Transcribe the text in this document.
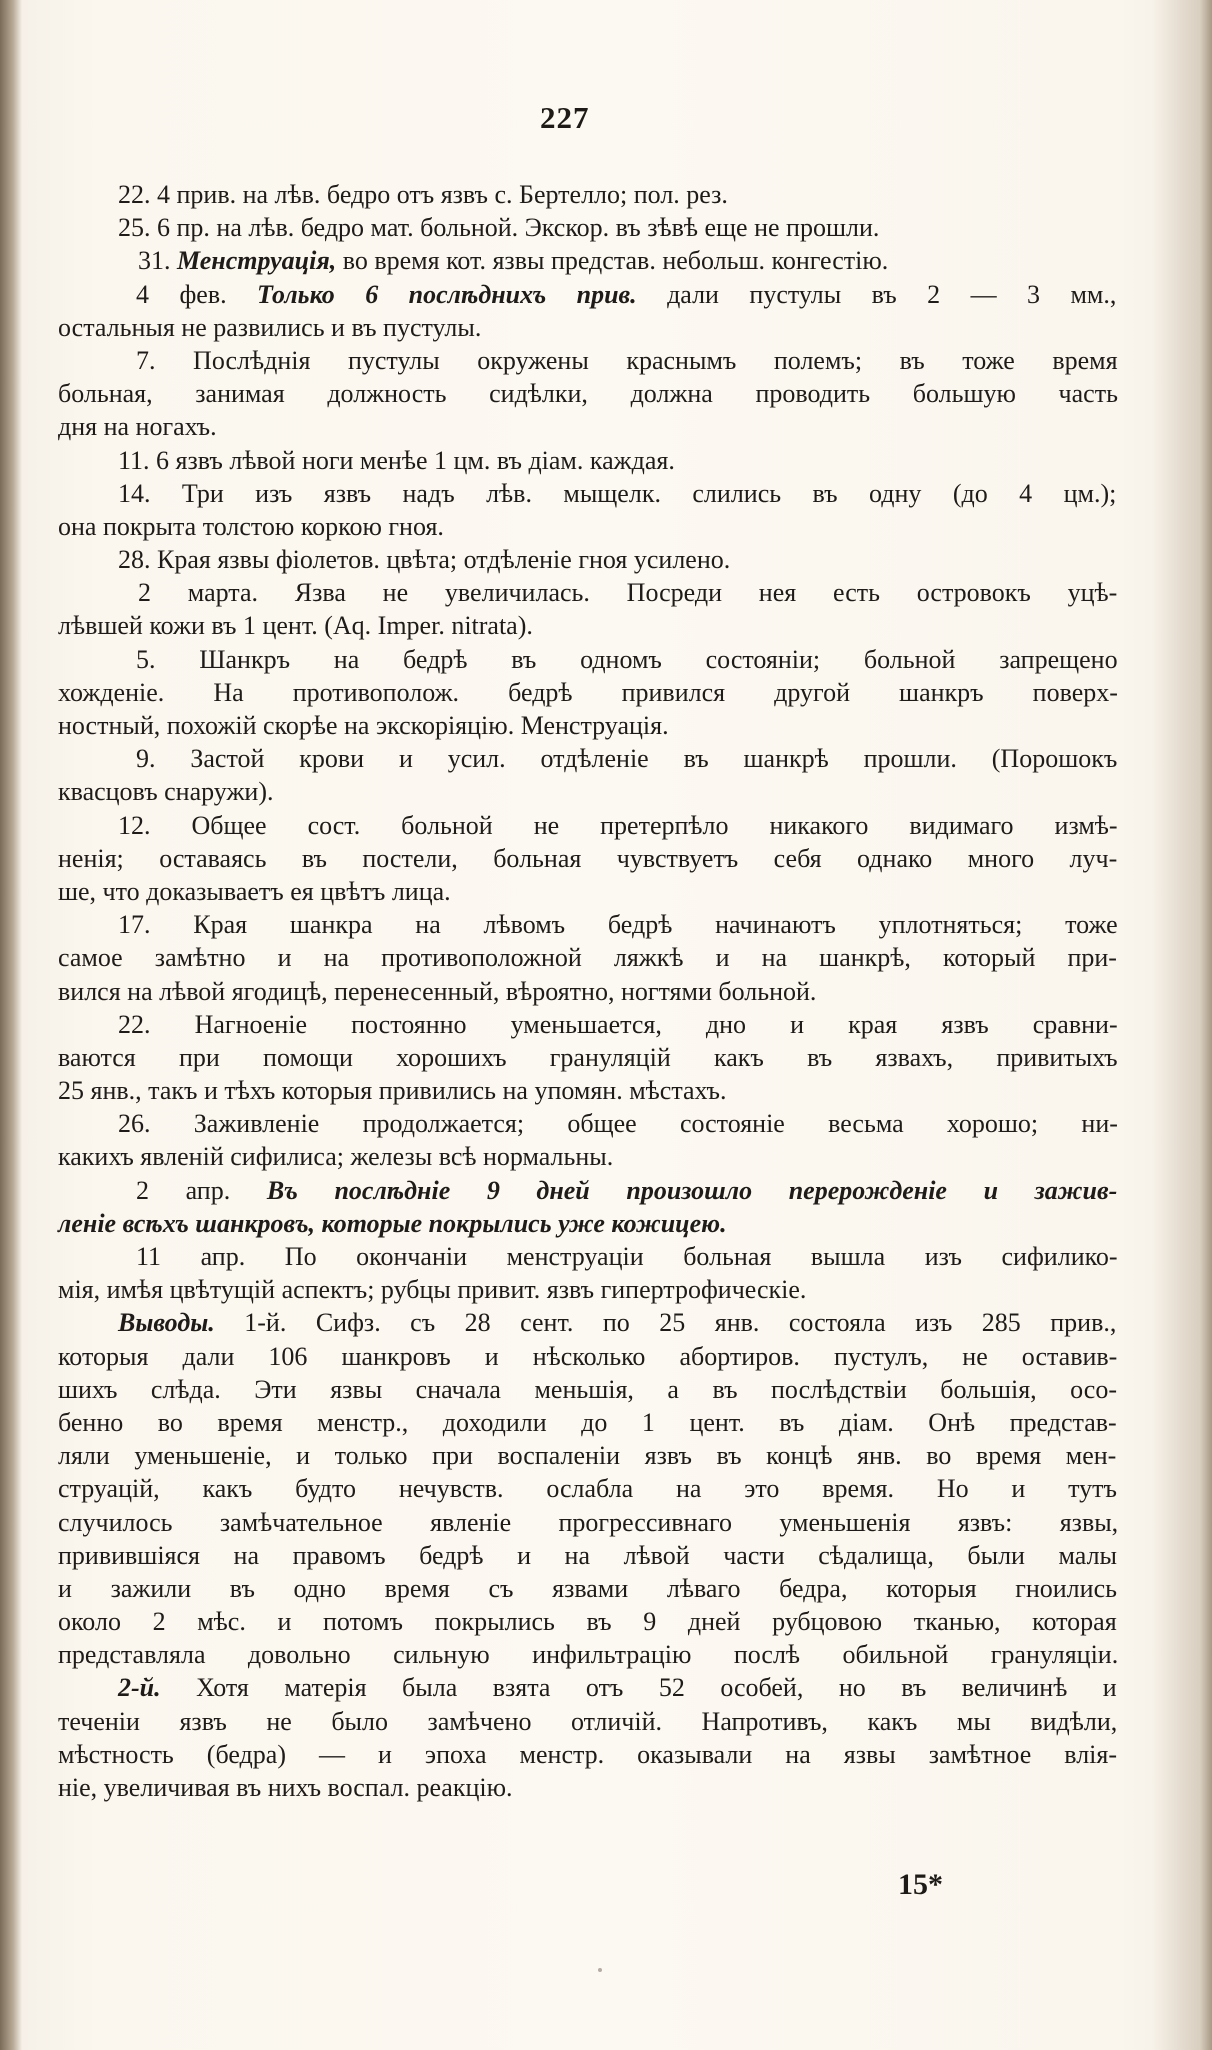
227
22. 4 прив. на лѣв. бедро отъ язвъ с. Бертелло; пол. рез.
25. 6 пр. на лѣв. бедро мат. больной. Экскор. въ зѣвѣ еще не прошли.
31. Менструація, во время кот. язвы представ. небольш. конгестію.
4 фев. Только 6 послѣднихъ прив. дали пустулы въ 2 — 3 мм.,
остальныя не развились и въ пустулы.
7. Послѣднія пустулы окружены краснымъ полемъ; въ тоже время
больная, занимая должность сидѣлки, должна проводить большую часть
дня на ногахъ.
11. 6 язвъ лѣвой ноги менѣе 1 цм. въ діам. каждая.
14. Три изъ язвъ надъ лѣв. мыщелк. слились въ одну (до 4 цм.);
она покрыта толстою коркою гноя.
28. Края язвы фіолетов. цвѣта; отдѣленіе гноя усилено.
2 марта. Язва не увеличилась. Посреди нея есть островокъ уцѣ-
лѣвшей кожи въ 1 цент. (Aq. Imper. nitrata).
5. Шанкръ на бедрѣ въ одномъ состояніи; больной запрещено
хожденіе. На противополож. бедрѣ привился другой шанкръ поверх-
ностный, похожій скорѣе на экскоріяцію. Менструація.
9. Застой крови и усил. отдѣленіе въ шанкрѣ прошли. (Порошокъ
квасцовъ снаружи).
12. Общее сост. больной не претерпѣло никакого видимаго измѣ-
ненія; оставаясь въ постели, больная чувствуетъ себя однако много луч-
ше, что доказываетъ ея цвѣтъ лица.
17. Края шанкра на лѣвомъ бедрѣ начинаютъ уплотняться; тоже
самое замѣтно и на противоположной ляжкѣ и на шанкрѣ, который при-
вился на лѣвой ягодицѣ, перенесенный, вѣроятно, ногтями больной.
22. Нагноеніе постоянно уменьшается, дно и края язвъ сравни-
ваются при помощи хорошихъ грануляцій какъ въ язвахъ, привитыхъ
25 янв., такъ и тѣхъ которыя привились на упомян. мѣстахъ.
26. Заживленіе продолжается; общее состояніе весьма хорошо; ни-
какихъ явленій сифилиса; железы всѣ нормальны.
2 апр. Въ послѣдніе 9 дней произошло перерожденіе и зажив-
леніе всѣхъ шанкровъ, которые покрылись уже кожицею.
11 апр. По окончаніи менструаціи больная вышла изъ сифилико-
мія, имѣя цвѣтущій аспектъ; рубцы привит. язвъ гипертрофическіе.
Выводы. 1-й. Сифз. съ 28 сент. по 25 янв. состояла изъ 285 прив.,
которыя дали 106 шанкровъ и нѣсколько абортиров. пустулъ, не оставив-
шихъ слѣда. Эти язвы сначала меньшія, а въ послѣдствіи большія, осо-
бенно во время менстр., доходили до 1 цент. въ діам. Онѣ представ-
ляли уменьшеніе, и только при воспаленіи язвъ въ концѣ янв. во время мен-
струацій, какъ будто нечувств. ослабла на это время. Но и тутъ
случилось замѣчательное явленіе прогрессивнаго уменьшенія язвъ: язвы,
привившіяся на правомъ бедрѣ и на лѣвой части сѣдалища, были малы
и зажили въ одно время съ язвами лѣваго бедра, которыя гноились
около 2 мѣс. и потомъ покрылись въ 9 дней рубцовою тканью, которая
представляла довольно сильную инфильтрацію послѣ обильной грануляціи.
2-й. Хотя матерія была взята отъ 52 особей, но въ величинѣ и
теченіи язвъ не было замѣчено отличій. Напротивъ, какъ мы видѣли,
мѣстность (бедра) — и эпоха менстр. оказывали на язвы замѣтное влія-
ніе, увеличивая въ нихъ воспал. реакцію.
15*
